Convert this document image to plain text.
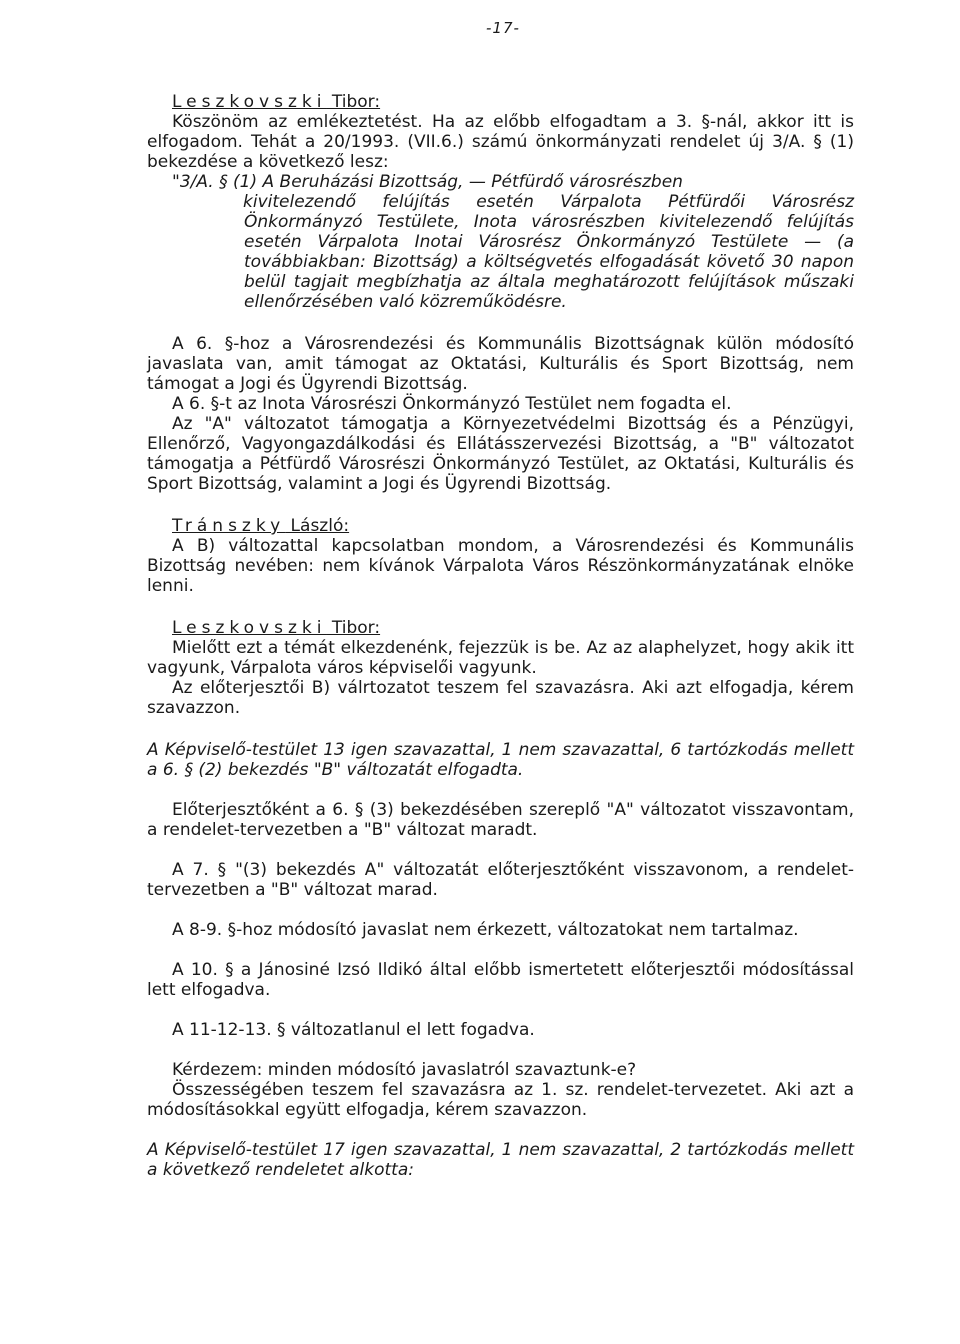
-17-

Leszkovszki Tibor:

Köszönöm az emlékeztetést. Ha az előbb elfogadtam a 3. §-nál, akkor itt is elfogadom. Tehát a 20/1993. (VII.6.) számú önkormányzati rendelet új 3/A. § (1) bekezdése a következő lesz:

"3/A. § (1) A Beruházási Bizottság, — Pétfürdő városrészben

kivitelezendő felújítás esetén Várpalota Pétfürdői Városrész Önkormányzó Testülete, Inota városrészben kivitelezendő felújítás esetén Várpalota Inotai Városrész Önkormányzó Testülete — (a továbbiakban: Bizottság) a költségvetés elfogadását követő 30 napon belül tagjait megbízhatja az általa meghatározott felújítások műszaki ellenőrzésében való közreműködésre.

A 6. §-hoz a Városrendezési és Kommunális Bizottságnak külön módosító javaslata van, amit támogat az Oktatási, Kulturális és Sport Bizottság, nem támogat a Jogi és Ügyrendi Bizottság.

A 6. §-t az Inota Városrészi Önkormányzó Testület nem fogadta el.

Az "A" változatot támogatja a Környezetvédelmi Bizottság és a Pénzügyi, Ellenőrző, Vagyongazdálkodási és Ellátásszervezési Bizottság, a "B" változatot támogatja a Pétfürdő Városrészi Önkormányzó Testület, az Oktatási, Kulturális és Sport Bizottság, valamint a Jogi és Ügyrendi Bizottság.

Tránszky László:

A B) változattal kapcsolatban mondom, a Városrendezési és Kommunális Bizottság nevében: nem kívánok Várpalota Város Részönkormányzatának elnöke lenni.

Leszkovszki Tibor:

Mielőtt ezt a témát elkezdenénk, fejezzük is be. Az az alaphelyzet, hogy akik itt vagyunk, Várpalota város képviselői vagyunk.

Az előterjesztői B) válrtozatot teszem fel szavazásra. Aki azt elfogadja, kérem szavazzon.

A Képviselő-testület 13 igen szavazattal, 1 nem szavazattal, 6 tartózkodás mellett a 6. § (2) bekezdés "B" változatát elfogadta.

Előterjesztőként a 6. § (3) bekezdésében szereplő "A" változatot visszavontam, a rendelet-tervezetben a "B" változat maradt.

A 7. § "(3) bekezdés A" változatát előterjesztőként visszavonom, a rendelet-tervezetben a "B" változat marad.

A 8-9. §-hoz módosító javaslat nem érkezett, változatokat nem tartalmaz.

A 10. § a Jánosiné Izsó Ildikó által előbb ismertetett előterjesztői módosítással lett elfogadva.

A 11-12-13. § változatlanul el lett fogadva.

Kérdezem: minden módosító javaslatról szavaztunk-e?

Összességében teszem fel szavazásra az 1. sz. rendelet-tervezetet. Aki azt a módosításokkal együtt elfogadja, kérem szavazzon.

A Képviselő-testület 17 igen szavazattal, 1 nem szavazattal, 2 tartózkodás mellett a következő rendeletet alkotta:
